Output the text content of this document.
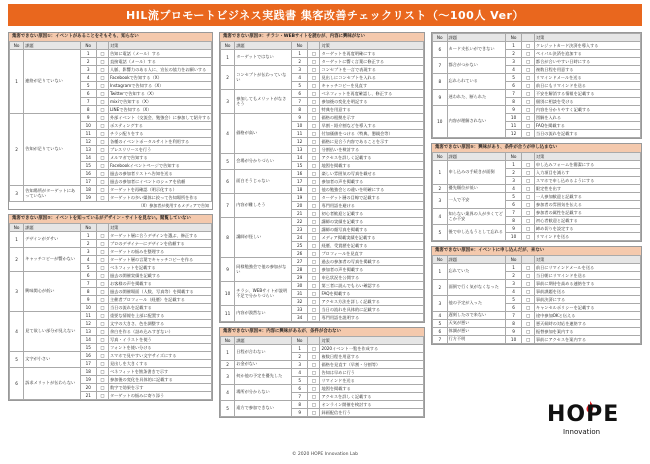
HIL流プロモートビジネス実践書 集客改善チェックリスト（〜100人 Ver）
集客できない原因①：イベントがあることをそもそも、知らない
No	課題	No		対策
1	連絡が足りていない	1	□	告知に電話（メール）する
		2	□	直接電話（メール）する
		3	□	人脈、影響力のある人に、宣伝の協力をお願いする
		4	□	Facebookで告知する（X）
		5	□	Instagramで告知する（X）
		6	□	Twitterで告知する（X）
		7	□	mixiで告知する（X）
		8	□	LINEで告知する（X）
2	告知が足りていない	9	□	外部イベント（交流会、勉強会）に参加して紹介する
		10	□	ポスティングする
		11	□	チラシ配りをする
		12	□	各種のイベントポータルサイトを利用する
		13	□	プレスリリースを行う
		14	□	メルマガで告知する
		15	□	Facebookイベントページで告知する
		16	□	過去の参加者リストへ告知を送る
		17	□	過去の参加者にイベントのシェアを依頼
3	告知場所がターゲットにあっていない	18	□	ターゲットを再確認（明示化する）
		19	□	ターゲットの多い媒体に絞って告知場所を作る
（X）参加者が使用するメディアで告知
集客できない原因②：イベントを知っているがデザイン・サイトを見ない。閲覧していない
No	課題	No		対策
1	デザインがダサい	1	□	ターゲット層に合うデザインを選ぶ、修正する
		2	□	プロのデザイナーにデザインを依頼する
2	キャッチコピーが響かない	3	□	ターゲットの悩みを整理する
		4	□	ターゲット層の言葉でキャッチコピーを作る
		5	□	ベネフィットを記載する
3	興味関心が低い	6	□	過去の開催実績を記載する
		7	□	お客様の声を掲載する
		8	□	過去の開催場面（人数、写真等）を掲載する
		9	□	主催者プロフィール（経歴）を記載する
		10	□	当日の流れを記載する
4	見て欲しい部分が見えない	11	□	重要な情報を上部に配置する
		12	□	文字の大きさ、色を調整する
		13	□	余白を作る（詰め込みすぎない）
		14	□	写真・イラストを使う
		15	□	フォントを使い分ける
5	文字が小さい	16	□	スマホで見やすい文字サイズにする
		17	□	見出しを大きくする
6	訴求メリットが伝わらない	18	□	ベネフィットを箇条書きで示す
		19	□	参加後の変化を具体的に記載する
		20	□	数字で効果を示す
		21	□	ターゲットの悩みに寄り添う
集客できない原因③：チラシ・WEBサイトを読むが、内容に興味がない
No	課題	No		対策
1	ターゲットではない	1	□	ターゲットを再度明確にする
		2	□	ターゲットに響く言葉に修正する
2	コンセプトが伝わっていない	3	□	コンセプトを一言で表現する
		4	□	見出しにコンセプトを入れる
		5	□	キャッチコピーを見直す
3	参加してもメリットがなさそう	6	□	ベネフィットを再度確認し、修正する
		7	□	参加後の変化を明記する
		8	□	特典を用意する
4	価格が高い	9	□	価格の根拠を示す
		10	□	早割・紹介割などを導入する
		11	□	付加価値をつける（特典、懇親会等）
		12	□	価格に見合う内容であることを示す
		13	□	分割払いを検討する
5	会場が分かりづらい	14	□	アクセスを詳しく記載する
		15	□	地図を掲載する
6	面白そうじゃない	16	□	楽しい雰囲気の写真を載せる
		17	□	参加者の声を掲載する
		18	□	他の勉強会との違いを明確にする
7	内容が難しそう	19	□	ターゲット層の目線で記載する
		20	□	専門用語を避ける
		21	□	初心者歓迎と記載する
8	講師が怪しい	22	□	講師の実績を記載する
		23	□	講師の顔写真を掲載する
		24	□	メディア掲載実績を記載する
		25	□	経歴、受賞歴を記載する
		26	□	プロフィールを見直す
9	同様勉強会で他の参加がない	27	□	過去の参加者の写真を掲載する
		28	□	参加者の声を掲載する
		29	□	申込状況を公開する
10	チラシ、WEBサイトが説明不足で分かりづらい	30	□	第三者に読んでもらい確認する
		31	□	FAQを掲載する
		32	□	アクセス方法を詳しく記載する
11	内容が漠然ない	33	□	当日の流れを具体的に記載する
		34	□	専門用語を説明する
集客できない原因④：内容に興味があるが、条件が合わない
No	課題	No		対策
1	日程が合わない	1	□	2020イベント一覧を作成する
		2	□	複数日程を用意する
2	お金がない	3	□	価格を見直す（早割・分割等）
3	何か他の予定を優先した	4	□	告知は早めに行う
		5	□	リマインドを送る
4	場所が分からない	6	□	地図を掲載する
		7	□	アクセスを詳しく記載する
5	遠方で参加できない	8	□	オンライン開催を検討する
		9	□	録画配信を行う
No	課題	No		対策
6	カード支払いができない	1	□	クレジットカード決済を導入する
		2	□	ペイパル決済を追加する
7	都合がつかない	3	□	都合が合いやすい日時にする
		4	□	複数日程を用意する
8	忘れられている	5	□	リマインドメールを送る
		6	□	前日にもリマインドを送る
9	迷われた、断られた	7	□	不安を解消する情報を記載する
		8	□	個別に相談を受ける
10	内容が理解されない	9	□	内容を分かりやすく記載する
		10	□	図解を入れる
		11	□	FAQを掲載する
		12	□	当日の流れを記載する
集客できない原因⑤：興味があり、条件が合うが申し込まない
No	課題	No		対策
1	申し込みの手続きが面倒	1	□	申し込みフォームを簡潔にする
		2	□	入力項目を減らす
		3	□	スマホで申し込めるようにする
2	優先順位が低い	4	□	限定性を出す
3	一人で不安	5	□	一人参加歓迎と記載する
		6	□	参加者の雰囲気を伝える
4	知らない業界の人が多くてどこか不安	7	□	参加者の属性を記載する
		8	□	初心者歓迎と記載する
5	後で申し込もうとして忘れる	9	□	締め切りを設定する
		10	□	リマインドを送る
集客できない原因⑥：イベントに申し込んだが、来ない
No	課題	No		対策
1	忘れていた	1	□	前日にリマインドメールを送る
		2	□	当日朝にリマインドを送る
2	面倒で行く気がなくなった	3	□	事前に期待を高める連絡をする
		4	□	事前課題を送る
3	他の予定が入った	5	□	事前決済にする
		6	□	キャンセルポリシーを記載する
4	遅刻したので来ない	7	□	途中参加OKと伝える
5	天気が悪い	8	□	悪天候時の対応を連絡する
6	体調が悪い	9	□	振替参加を案内する
7	行方不明	10	□	事前にアクセスを案内する
HOPE
Innovation
© 2020 HOPE Innovation Lab
